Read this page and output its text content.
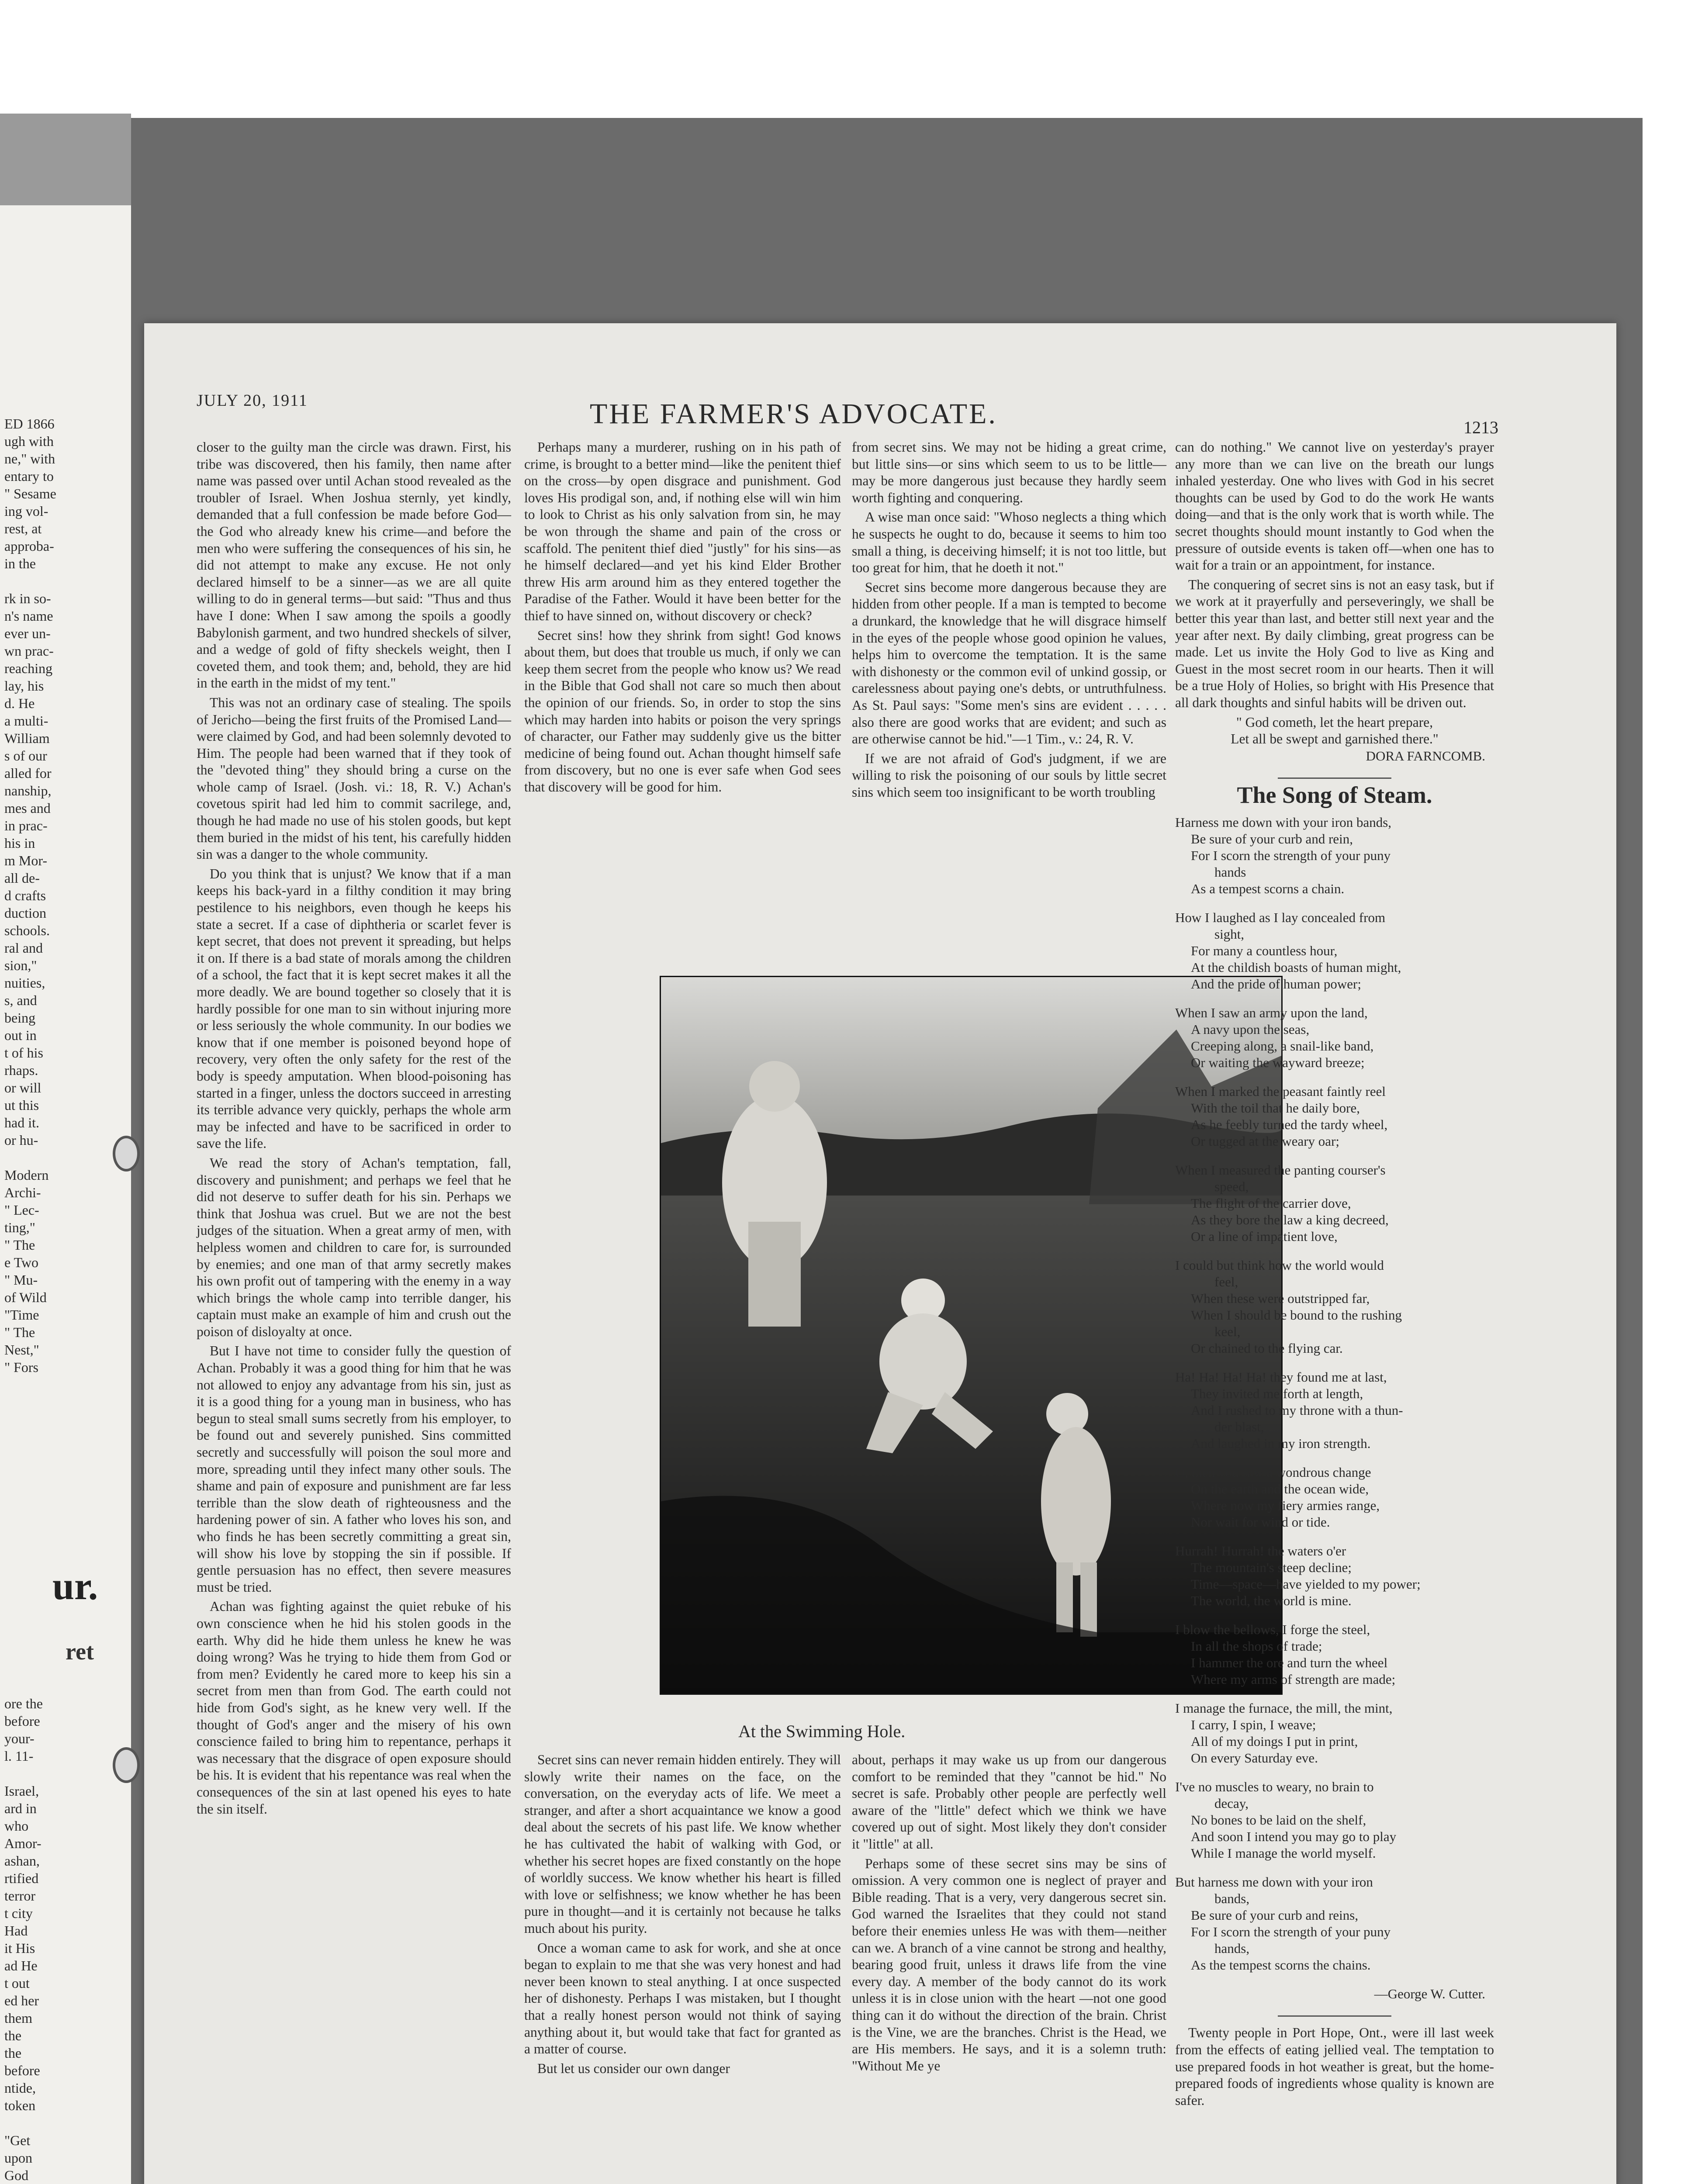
ED 1866
ugh with
ne," with
entary to
" Sesame
ing vol-
rest, at
approba-
in the
rk in so-
n's name
ever un-
wn prac-
reaching
lay, his
d. He
a multi-
William
s of our
alled for
nanship,
mes and
in prac-
his in
m Mor-
all de-
d crafts
duction
schools.
ral and
sion,"
nuities,
s, and
being
out in
t of his
rhaps.
or will
ut this
had it.
or hu-
Modern
Archi-
" Lec-
ting,"
" The
e Two
" Mu-
of Wild
"Time
" The
Nest,"
" Fors
ore the
before
your-
l. 11-
Israel,
ard in
who
Amor-
ashan,
rtified
terror
t city
Had
it His
ad He
t out
ed her
them
the
the
before
ntide,
token
"Get
upon
God
ur.
ret
JULY 20, 1911	THE FARMER'S ADVOCATE.	1213

closer to the guilty man the circle was drawn. First, his tribe was discovered, then his family, then name after name was passed over until Achan stood revealed as the troubler of Israel. When Joshua sternly, yet kindly, demanded that a full confession be made before God—the God who already knew his crime—and before the men who were suffering the consequences of his sin, he did not attempt to make any excuse. He not only declared himself to be a sinner—as we are all quite willing to do in general terms—but said: "Thus and thus have I done: When I saw among the spoils a goodly Babylonish garment, and two hundred sheckels of silver, and a wedge of gold of fifty sheckels weight, then I coveted them, and took them; and, behold, they are hid in the earth in the midst of my tent."

This was not an ordinary case of stealing. The spoils of Jericho—being the first fruits of the Promised Land—were claimed by God, and had been solemnly devoted to Him. The people had been warned that if they took of the "devoted thing" they should bring a curse on the whole camp of Israel. (Josh. vi.: 18, R. V.) Achan's covetous spirit had led him to commit sacrilege, and, though he had made no use of his stolen goods, but kept them buried in the midst of his tent, his carefully hidden sin was a danger to the whole community.

Do you think that is unjust? We know that if a man keeps his back-yard in a filthy condition it may bring pestilence to his neighbors, even though he keeps his state a secret. If a case of diphtheria or scarlet fever is kept secret, that does not prevent it spreading, but helps it on. If there is a bad state of morals among the children of a school, the fact that it is kept secret makes it all the more deadly. We are bound together so closely that it is hardly possible for one man to sin without injuring more or less seriously the whole community. In our bodies we know that if one member is poisoned beyond hope of recovery, very often the only safety for the rest of the body is speedy amputation. When blood-poisoning has started in a finger, unless the doctors succeed in arresting its terrible advance very quickly, perhaps the whole arm may be infected and have to be sacrificed in order to save the life.

We read the story of Achan's temptation, fall, discovery and punishment; and perhaps we feel that he did not deserve to suffer death for his sin. Perhaps we think that Joshua was cruel. But we are not the best judges of the situation. When a great army of men, with helpless women and children to care for, is surrounded by enemies; and one man of that army secretly makes his own profit out of tampering with the enemy in a way which brings the whole camp into terrible danger, his captain must make an example of him and crush out the poison of disloyalty at once.

But I have not time to consider fully the question of Achan. Probably it was a good thing for him that he was not allowed to enjoy any advantage from his sin, just as it is a good thing for a young man in business, who has begun to steal small sums secretly from his employer, to be found out and severely punished. Sins committed secretly and successfully will poison the soul more and more, spreading until they infect many other souls. The shame and pain of exposure and punishment are far less terrible than the slow death of righteousness and the hardening power of sin. A father who loves his son, and who finds he has been secretly committing a great sin, will show his love by stopping the sin if possible. If gentle persuasion has no effect, then severe measures must be tried.

Achan was fighting against the quiet rebuke of his own conscience when he hid his stolen goods in the earth. Why did he hide them unless he knew he was doing wrong? Was he trying to hide them from God or from men? Evidently he cared more to keep his sin a secret from men than from God. The earth could not hide from God's sight, as he knew very well. If the thought of God's anger and the misery of his own conscience failed to bring him to repentance, perhaps it was necessary that the disgrace of open exposure should be his. It is evident that his repentance was real when the consequences of the sin at last opened his eyes to hate the sin itself.

Perhaps many a murderer, rushing on in his path of crime, is brought to a better mind—like the penitent thief on the cross—by open disgrace and punishment. God loves His prodigal son, and, if nothing else will win him to look to Christ as his only salvation from sin, he may be won through the shame and pain of the cross or scaffold. The penitent thief died "justly" for his sins—as he himself declared—and yet his kind Elder Brother threw His arm around him as they entered together the Paradise of the Father. Would it have been better for the thief to have sinned on, without discovery or check?

Secret sins! how they shrink from sight! God knows about them, but does that trouble us much, if only we can keep them secret from the people who know us? We read in the Bible that God shall not care so much then about the opinion of our friends. So, in order to stop the sins which may harden into habits or poison the very springs of character, our Father may suddenly give us the bitter medicine of being found out. Achan thought himself safe from discovery, but no one is ever safe when God sees that discovery will be good for him.

from secret sins. We may not be hiding a great crime, but little sins—or sins which seem to us to be little—may be more dangerous just because they hardly seem worth fighting and conquering.

A wise man once said: "Whoso neglects a thing which he suspects he ought to do, because it seems to him too small a thing, is deceiving himself; it is not too little, but too great for him, that he doeth it not."

Secret sins become more dangerous because they are hidden from other people. If a man is tempted to become a drunkard, the knowledge that he will disgrace himself in the eyes of the people whose good opinion he values, helps him to overcome the temptation. It is the same with dishonesty or the common evil of unkind gossip, or carelessness about paying one's debts, or untruthfulness. As St. Paul says: "Some men's sins are evident . . . . . also there are good works that are evident; and such as are otherwise cannot be hid."—1 Tim., v.: 24, R. V.

If we are not afraid of God's judgment, if we are willing to risk the poisoning of our souls by little secret sins which seem too insignificant to be worth troubling

At the Swimming Hole.

Secret sins can never remain hidden entirely. They will slowly write their names on the face, on the conversation, on the everyday acts of life. We meet a stranger, and after a short acquaintance we know a good deal about the secrets of his past life. We know whether he has cultivated the habit of walking with God, or whether his secret hopes are fixed constantly on the hope of worldly success. We know whether his heart is filled with love or selfishness; we know whether he has been pure in thought—and it is certainly not because he talks much about his purity.

Once a woman came to ask for work, and she at once began to explain to me that she was very honest and had never been known to steal anything. I at once suspected her of dishonesty. Perhaps I was mistaken, but I thought that a really honest person would not think of saying anything about it, but would take that fact for granted as a matter of course.

But let us consider our own danger

about, perhaps it may wake us up from our dangerous comfort to be reminded that they "cannot be hid." No secret is safe. Probably other people are perfectly well aware of the "little" defect which we think we have covered up out of sight. Most likely they don't consider it "little" at all.

Perhaps some of these secret sins may be sins of omission. A very common one is neglect of prayer and Bible reading. That is a very, very dangerous secret sin. God warned the Israelites that they could not stand before their enemies unless He was with them—neither can we. A branch of a vine cannot be strong and healthy, bearing good fruit, unless it draws life from the vine every day. A member of the body cannot do its work unless it is in close union with the heart —not one good thing can it do without the direction of the brain. Christ is the Vine, we are the branches. Christ is the Head, we are His members. He says, and it is a solemn truth: "Without Me ye

can do nothing." We cannot live on yesterday's prayer any more than we can live on the breath our lungs inhaled yesterday. One who lives with God in his secret thoughts can be used by God to do the work He wants doing—and that is the only work that is worth while. The secret thoughts should mount instantly to God when the pressure of outside events is taken off—when one has to wait for a train or an appointment, for instance.

The conquering of secret sins is not an easy task, but if we work at it prayerfully and perseveringly, we shall be better this year than last, and better still next year and the year after next. By daily climbing, great progress can be made. Let us invite the Holy God to live as King and Guest in the most secret room in our hearts. Then it will be a true Holy of Holies, so bright with His Presence that all dark thoughts and sinful habits will be driven out.

" God cometh, let the heart prepare,
Let all be swept and garnished there."
DORA FARNCOMB.
The Song of Steam.
Harness me down with your iron bands,
Be sure of your curb and rein,
For I scorn the strength of your puny
hands
As a tempest scorns a chain.
How I laughed as I lay concealed from
sight,
For many a countless hour,
At the childish boasts of human might,
And the pride of human power;
When I saw an army upon the land,
A navy upon the seas,
Creeping along, a snail-like band,
Or waiting the wayward breeze;
When I marked the peasant faintly reel
With the toil that he daily bore,
As he feebly turned the tardy wheel,
Or tugged at the weary oar;
When I measured the panting courser's
speed,
The flight of the carrier dove,
As they bore the law a king decreed,
Or a line of impatient love,
I could but think how the world would
feel,
When these were outstripped far,
When I should be bound to the rushing
keel,
Or chained to the flying car.
Ha! Ha! Ha! Ha! they found me at last,
They invited me forth at length,
And I rushed to my throne with a thun-
der blast,
And laughed in my iron strength.
O, then you saw a wondrous change
On the earth and the ocean wide,
Where now my fiery armies range,
Nor wait for wind or tide.
Hurrah! Hurrah! the waters o'er
The mountain's steep decline;
Time—space—have yielded to my power;
The world, the world is mine.
I blow the bellows, I forge the steel,
In all the shops of trade;
I hammer the ore and turn the wheel
Where my arms of strength are made;
I manage the furnace, the mill, the mint,
I carry, I spin, I weave;
All of my doings I put in print,
On every Saturday eve.
I've no muscles to weary, no brain to
decay,
No bones to be laid on the shelf,
And soon I intend you may go to play
While I manage the world myself.
But harness me down with your iron
bands,
Be sure of your curb and reins,
For I scorn the strength of your puny
hands,
As the tempest scorns the chains.
—George W. Cutter.

Twenty people in Port Hope, Ont., were ill last week from the effects of eating jellied veal. The temptation to use prepared foods in hot weather is great, but the home-prepared foods of ingredients whose quality is known are safer.
